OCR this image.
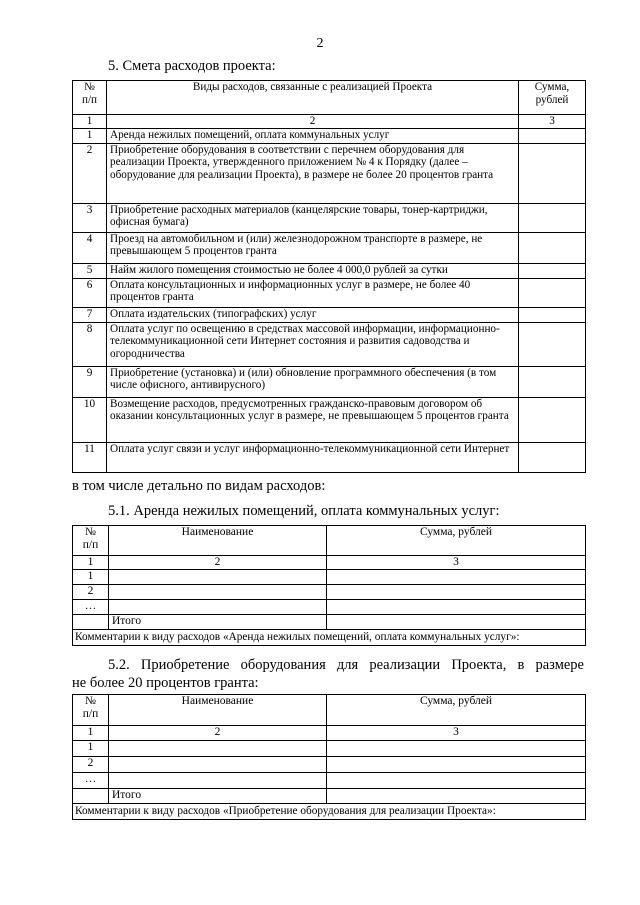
2
5. Смета расходов проекта:
№
п/п	Виды расходов, связанные с реализацией Проекта	Сумма,
рублей
1	2	3
1	Аренда нежилых помещений, оплата коммунальных услуг	
2	Приобретение оборудования в соответствии с перечнем оборудования для реализации Проекта, утвержденного приложением № 4 к Порядку (далее – оборудование для реализации Проекта), в размере не более 20 процентов гранта	
3	Приобретение расходных материалов (канцелярские товары, тонер-картриджи, офисная бумага)	
4	Проезд на автомобильном и (или) железнодорожном транспорте в размере, не превышающем 5 процентов гранта	
5	Найм жилого помещения стоимостью не более 4 000,0 рублей за сутки	
6	Оплата консультационных и информационных услуг в размере, не более 40 процентов гранта	
7	Оплата издательских (типографских) услуг	
8	Оплата услуг по освещению в средствах массовой информации, информационно-телекоммуникационной сети Интернет состояния и развития садоводства и огородничества	
9	Приобретение (установка) и (или) обновление программного обеспечения (в том числе офисного, антивирусного)	
10	Возмещение расходов, предусмотренных гражданско-правовым договором об оказании консультационных услуг в размере, не превышающем 5 процентов гранта	
11	Оплата услуг связи и услуг информационно-телекоммуникационной сети Интернет	
в том числе детально по видам расходов:
5.1. Аренда нежилых помещений, оплата коммунальных услуг:
№
п/п	Наименование	Сумма, рублей
1	2	3
1		
2		
…		
	Итого	
Комментарии к виду расходов «Аренда нежилых помещений, оплата коммунальных услуг»:		
5.2. Приобретение оборудования для реализации Проекта, в размере
не более 20 процентов гранта:
№
п/п	Наименование	Сумма, рублей
1	2	3
1		
2		
…		
	Итого	
Комментарии к виду расходов «Приобретение оборудования для реализации Проекта»:		
